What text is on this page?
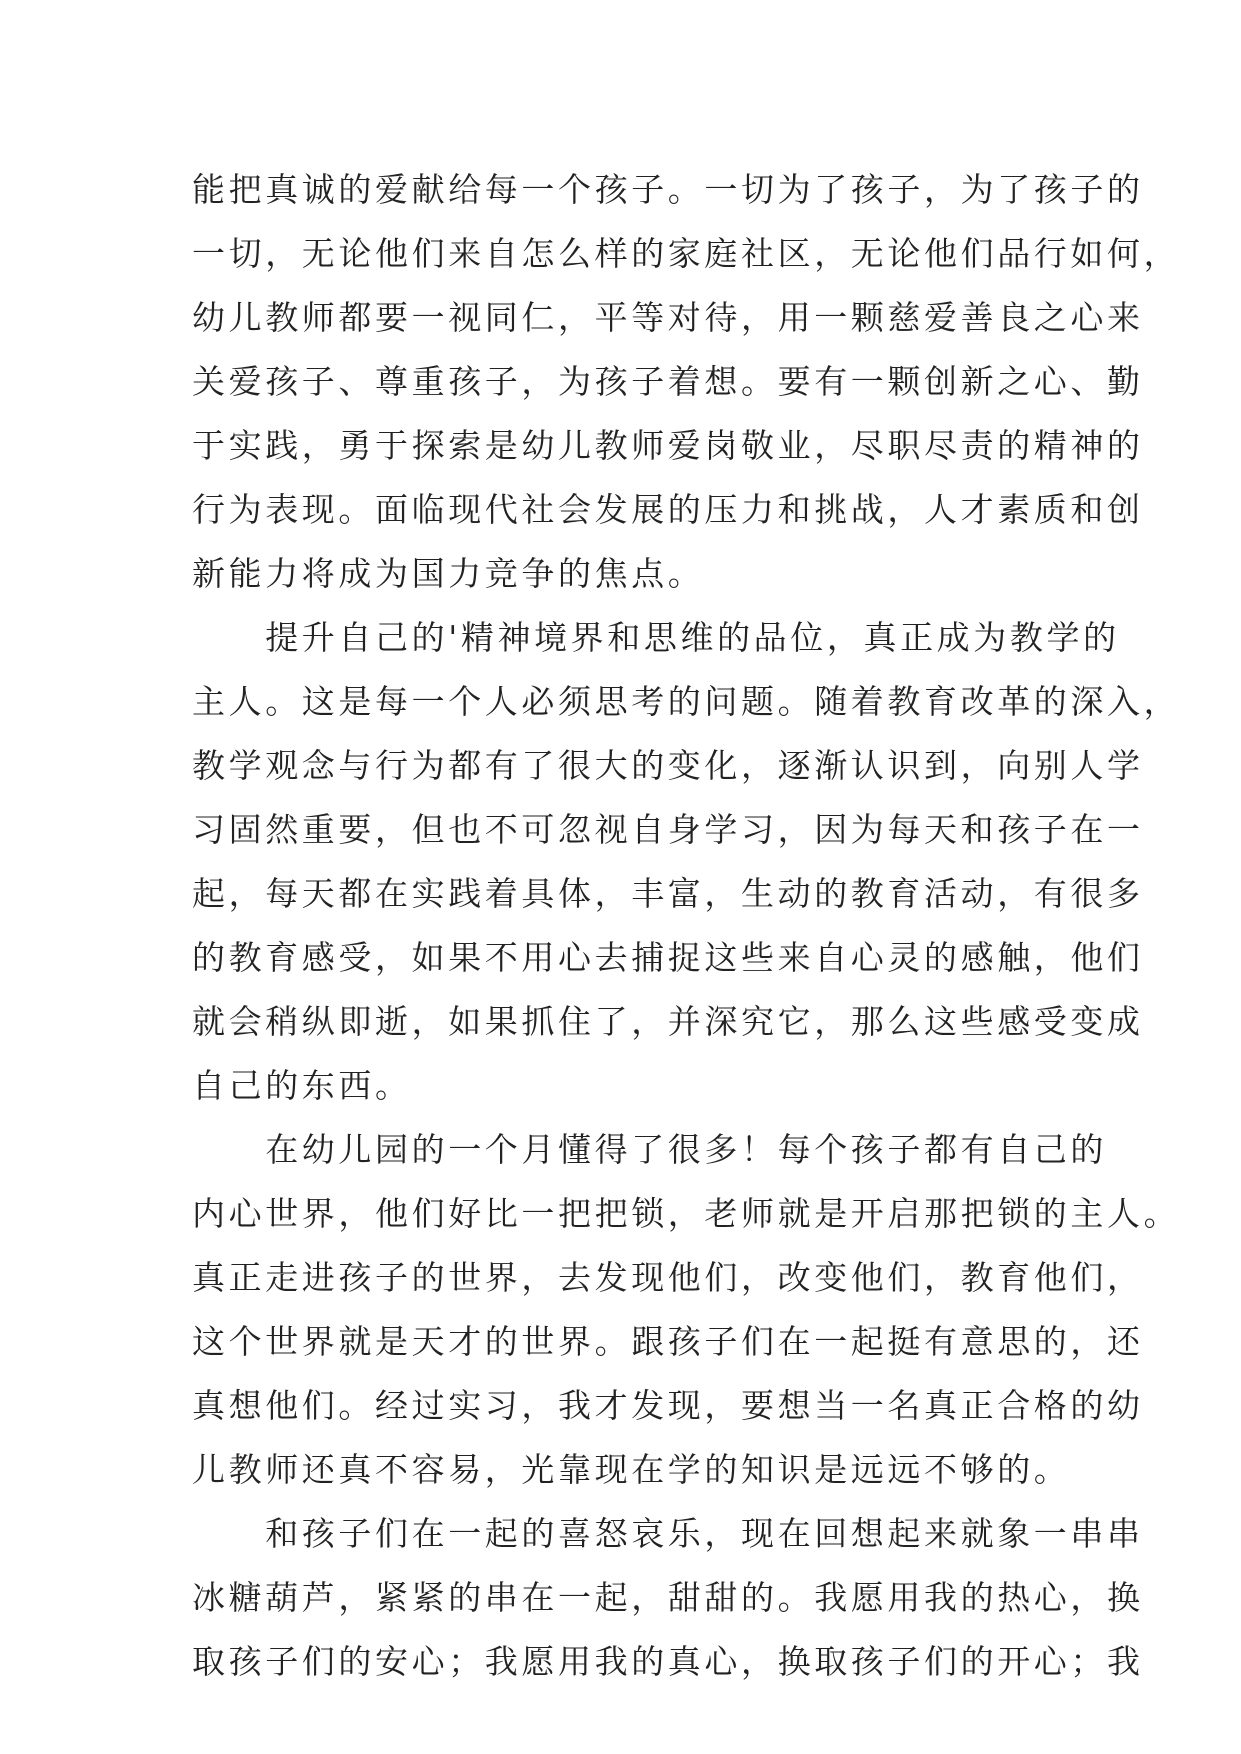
能把真诚的爱献给每一个孩子。一切为了孩子，为了孩子的
一切，无论他们来自怎么样的家庭社区，无论他们品行如何，
幼儿教师都要一视同仁，平等对待，用一颗慈爱善良之心来
关爱孩子、尊重孩子，为孩子着想。要有一颗创新之心、勤
于实践，勇于探索是幼儿教师爱岗敬业，尽职尽责的精神的
行为表现。面临现代社会发展的压力和挑战，人才素质和创
新能力将成为国力竞争的焦点。
　　提升自己的'精神境界和思维的品位，真正成为教学的
主人。这是每一个人必须思考的问题。随着教育改革的深入，
教学观念与行为都有了很大的变化，逐渐认识到，向别人学
习固然重要，但也不可忽视自身学习，因为每天和孩子在一
起，每天都在实践着具体，丰富，生动的教育活动，有很多
的教育感受，如果不用心去捕捉这些来自心灵的感触，他们
就会稍纵即逝，如果抓住了，并深究它，那么这些感受变成
自己的东西。
　　在幼儿园的一个月懂得了很多！每个孩子都有自己的
内心世界，他们好比一把把锁，老师就是开启那把锁的主人。
真正走进孩子的世界，去发现他们，改变他们，教育他们，
这个世界就是天才的世界。跟孩子们在一起挺有意思的，还
真想他们。经过实习，我才发现，要想当一名真正合格的幼
儿教师还真不容易，光靠现在学的知识是远远不够的。
　　和孩子们在一起的喜怒哀乐，现在回想起来就象一串串
冰糖葫芦，紧紧的串在一起，甜甜的。我愿用我的热心，换
取孩子们的安心；我愿用我的真心，换取孩子们的开心；我
